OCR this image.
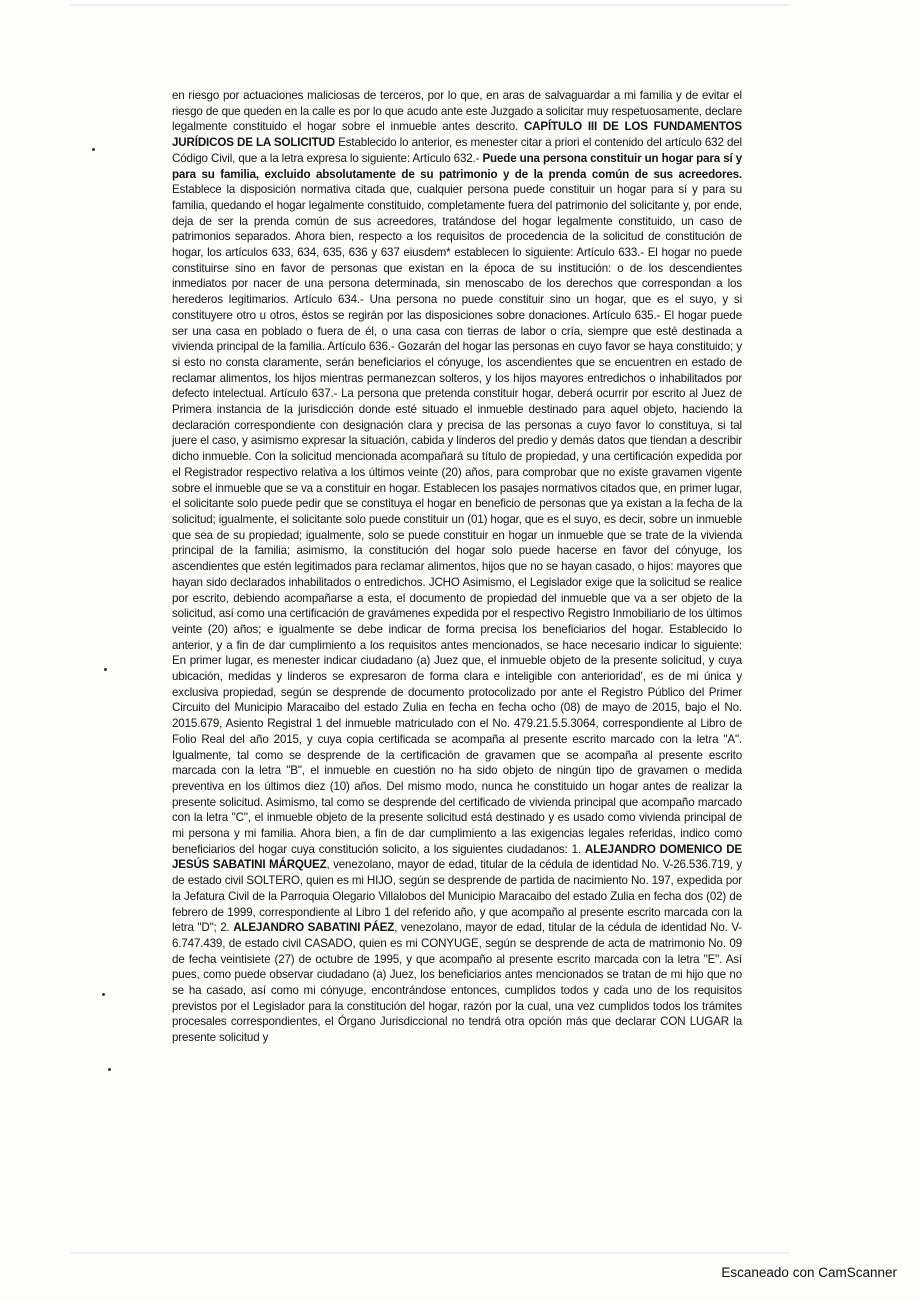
en riesgo por actuaciones maliciosas de terceros, por lo que, en aras de salvaguardar a mi familia y de evitar el riesgo de que queden en la calle es por lo que acudo ante este Juzgado a solicitar muy respetuosamente, declare legalmente constituido el hogar sobre el inmueble antes descrito. CAPÍTULO III DE LOS FUNDAMENTOS JURÍDICOS DE LA SOLICITUD Establecido lo anterior, es menester citar a priori el contenido del artículo 632 del Código Civil, que a la letra expresa lo siguiente: Artículo 632.- Puede una persona constituir un hogar para sí y para su familia, excluido absolutamente de su patrimonio y de la prenda común de sus acreedores. Establece la disposición normativa citada que, cualquier persona puede constituir un hogar para sí y para su familia, quedando el hogar legalmente constituido, completamente fuera del patrimonio del solicitante y, por ende, deja de ser la prenda común de sus acreedores, tratándose del hogar legalmente constituido, un caso de patrimonios separados. Ahora bien, respecto a los requisitos de procedencia de la solicitud de constitución de hogar, los artículos 633, 634, 635, 636 y 637 eiusdem* establecen lo siguiente: Artículo 633.- El hogar no puede constituirse sino en favor de personas que existan en la época de su institución: o de los descendientes inmediatos por nacer de una persona determinada, sin menoscabo de los derechos que correspondan a los herederos legitimarios. Artículo 634.- Una persona no puede constituir sino un hogar, que es el suyo, y si constituyere otro u otros, éstos se regirán por las disposiciones sobre donaciones. Artículo 635.- El hogar puede ser una casa en poblado o fuera de él, o una casa con tierras de labor o cría, siempre que esté destinada a vivienda principal de la familia. Artículo 636.- Gozarán del hogar las personas en cuyo favor se haya constituido; y si esto no consta claramente, serán beneficiarios el cónyuge, los ascendientes que se encuentren en estado de reclamar alimentos, los hijos mientras permanezcan solteros, y los hijos mayores entredichos o inhabilitados por defecto intelectual. Artículo 637.- La persona que pretenda constituir hogar, deberá ocurrir por escrito al Juez de Primera instancia de la jurisdicción donde esté situado el inmueble destinado para aquel objeto, haciendo la declaración correspondiente con designación clara y precisa de las personas a cuyo favor lo constituya, si tal juere el caso, y asimismo expresar la situación, cabida y linderos del predio y demás datos que tiendan a describir dicho inmueble. Con la solicitud mencionada acompañará su título de propiedad, y una certificación expedida por el Registrador respectivo relativa a los últimos veinte (20) años, para comprobar que no existe gravamen vigente sobre el inmueble que se va a constituir en hogar. Establecen los pasajes normativos citados que, en primer lugar, el solicitante solo puede pedir que se constituya el hogar en beneficio de personas que ya existan a la fecha de la solicitud; igualmente, el solicitante solo puede constituir un (01) hogar, que es el suyo, es decir, sobre un inmueble que sea de su propiedad; igualmente, solo se puede constituir en hogar un inmueble que se trate de la vivienda principal de la familia; asimismo, la constitución del hogar solo puede hacerse en favor del cónyuge, los ascendientes que estén legitimados para reclamar alimentos, hijos que no se hayan casado, o hijos: mayores que hayan sido declarados inhabilitados o entredichos. JCHO Asimismo, el Legislador exige que la solicitud se realice por escrito, debiendo acompañarse a esta, el documento de propiedad del inmueble que va a ser objeto de la solicitud, así como una certificación de gravámenes expedida por el respectivo Registro Inmobiliario de los últimos veinte (20) años; e igualmente se debe indicar de forma precisa los beneficiarios del hogar. Establecido lo anterior, y a fin de dar cumplimiento a los requisitos antes mencionados, se hace necesario indicar lo siguiente: En primer lugar, es menester indicar ciudadano (a) Juez que, el inmueble objeto de la presente solicitud, y cuya ubicación, medidas y linderos se expresaron de forma clara e inteligible con anterioridad', es de mi única y exclusiva propiedad, según se desprende de documento protocolizado por ante el Registro Público del Primer Circuito del Municipio Maracaibo del estado Zulia en fecha en fecha ocho (08) de mayo de 2015, bajo el No. 2015.679, Asiento Registral 1 del inmueble matriculado con el No. 479.21.5.5.3064, correspondiente al Libro de Folio Real del año 2015, y cuya copia certificada se acompaña al presente escrito marcado con la letra "A". Igualmente, tal como se desprende de la certificación de gravamen que se acompaña al presente escrito marcada con la letra "B", el inmueble en cuestión no ha sido objeto de ningún tipo de gravamen o medida preventiva en los últimos diez (10) años. Del mismo modo, nunca he constituido un hogar antes de realizar la presente solicitud. Asimismo, tal como se desprende del certificado de vivienda principal que acompaño marcado con la letra "C", el inmueble objeto de la presente solicitud está destinado y es usado como vivienda principal de mi persona y mi familia. Ahora bien, a fin de dar cumplimiento a las exigencias legales referidas, indico como beneficiarios del hogar cuya constitución solicito, a los siguientes ciudadanos: 1. ALEJANDRO DOMENICO DE JESÚS SABATINI MÁRQUEZ, venezolano, mayor de edad, titular de la cédula de identidad No. V-26.536.719, y de estado civil SOLTERO, quien es mi HIJO, según se desprende de partida de nacimiento No. 197, expedida por la Jefatura Civil de la Parroquia Olegario Villalobos del Municipio Maracaibo del estado Zulia en fecha dos (02) de febrero de 1999, correspondiente al Libro 1 del referido año, y que acompaño al presente escrito marcada con la letra "D"; 2. ALEJANDRO SABATINI PÁEZ, venezolano, mayor de edad, titular de la cédula de identidad No. V-6.747.439, de estado civil CASADO, quien es mi CONYUGE, según se desprende de acta de matrimonio No. 09 de fecha veintisiete (27) de octubre de 1995, y que acompaño al presente escrito marcada con la letra "E". Así pues, como puede observar ciudadano (a) Juez, los beneficiarios antes mencionados se tratan de mi hijo que no se ha casado, así como mi cónyuge, encontrándose entonces, cumplidos todos y cada uno de los requisitos previstos por el Legislador para la constitución del hogar, razón por la cual, una vez cumplidos todos los trámites procesales correspondientes, el Órgano Jurisdiccional no tendrá otra opción más que declarar CON LUGAR la presente solicitud y
Escaneado con CamScanner
